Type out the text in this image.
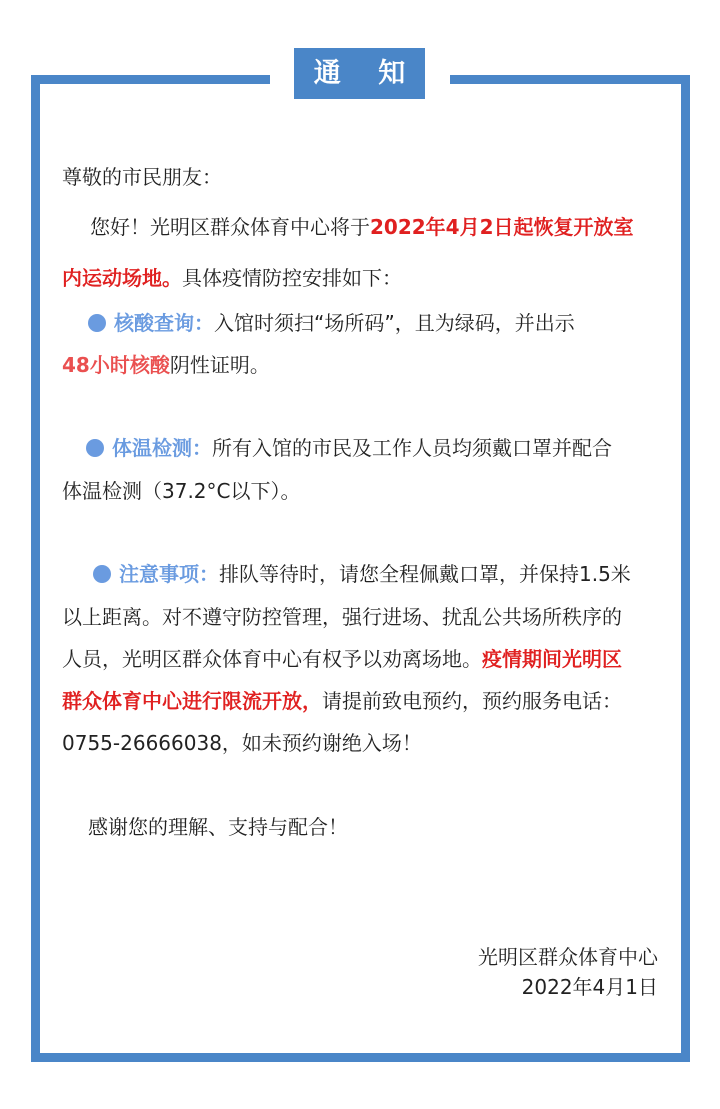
通 知

尊敬的市民朋友：

您好！光明区群众体育中心将于2022年4月2日起恢复开放室

内运动场地。具体疫情防控安排如下：

核酸查询：入馆时须扫“场所码”，且为绿码，并出示

48小时核酸阴性证明。

体温检测：所有入馆的市民及工作人员均须戴口罩并配合

体温检测（37.2°C以下）。

注意事项：排队等待时，请您全程佩戴口罩，并保持1.5米

以上距离。对不遵守防控管理，强行进场、扰乱公共场所秩序的

人员，光明区群众体育中心有权予以劝离场地。疫情期间光明区

群众体育中心进行限流开放，请提前致电预约，预约服务电话：

0755-26666038，如未预约谢绝入场！

感谢您的理解、支持与配合！

光明区群众体育中心
2022年4月1日
